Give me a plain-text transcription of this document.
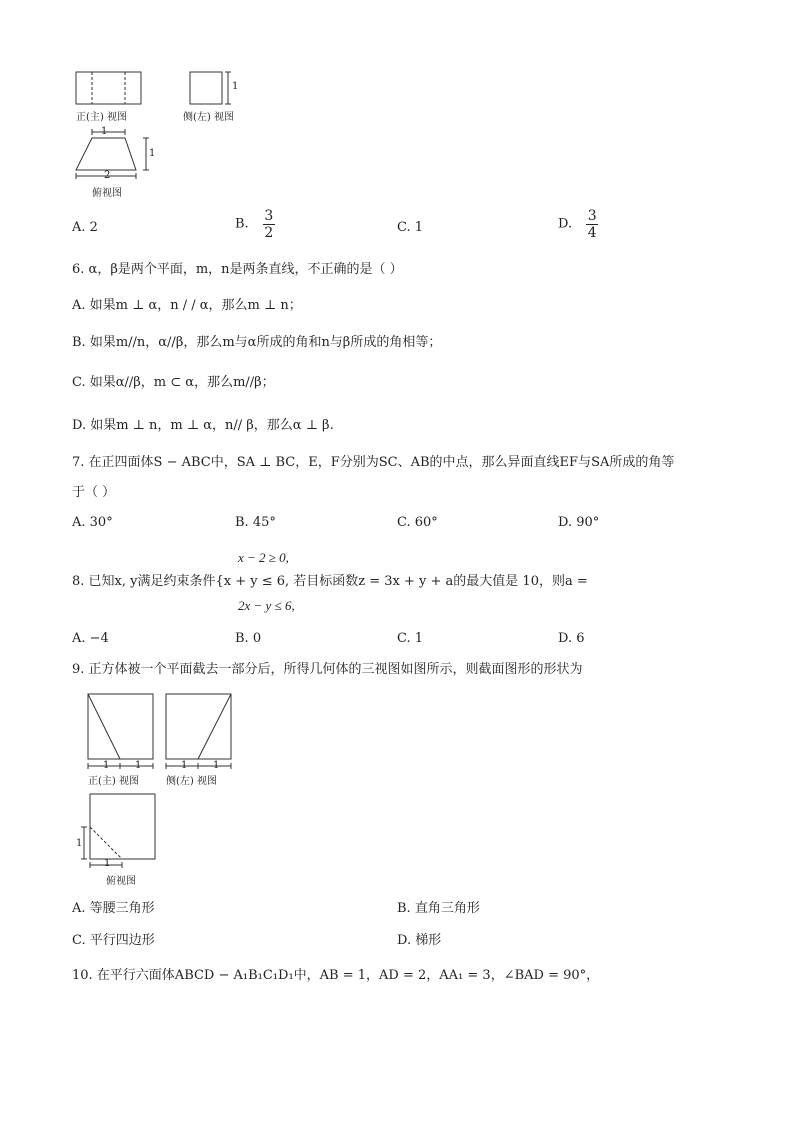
正(主) 视图	侧(左) 视图
1
1
1
2
俯视图
A. 2	B. $\frac{3}{2}$	C. 1	D. $\frac{3}{4}$
6. α，β是两个平面，m，n是两条直线，不正确的是（ ）
A. 如果m ⊥ α，n / / α，那么m ⊥ n；
B. 如果m//n，α//β，那么m与α所成的角和n与β所成的角相等；
C. 如果α//β，m ⊂ α，那么m//β；
D. 如果m ⊥ n，m ⊥ α，n// β，那么α ⊥ β.
7. 在正四面体S − ABC中，SA ⊥ BC，E，F分别为SC、AB的中点，那么异面直线EF与SA所成的角等
于（ ）
A. 30°	B. 45°	C. 60°	D. 90°
x − 2 ≥ 0,
8. 已知x, y满足约束条件{x + y ≤ 6, 若目标函数z = 3x + y + a的最大值是 10，则a =
2x − y ≤ 6,
A. −4	B. 0	C. 1	D. 6
9. 正方体被一个平面截去一部分后，所得几何体的三视图如图所示，则截面图形的形状为
1	1	1	1
正(主) 视图	侧(左) 视图
1
1
俯视图
A. 等腰三角形	B. 直角三角形
C. 平行四边形	D. 梯形
10. 在平行六面体ABCD − A₁B₁C₁D₁中，AB = 1，AD = 2，AA₁ = 3，∠BAD = 90°，
